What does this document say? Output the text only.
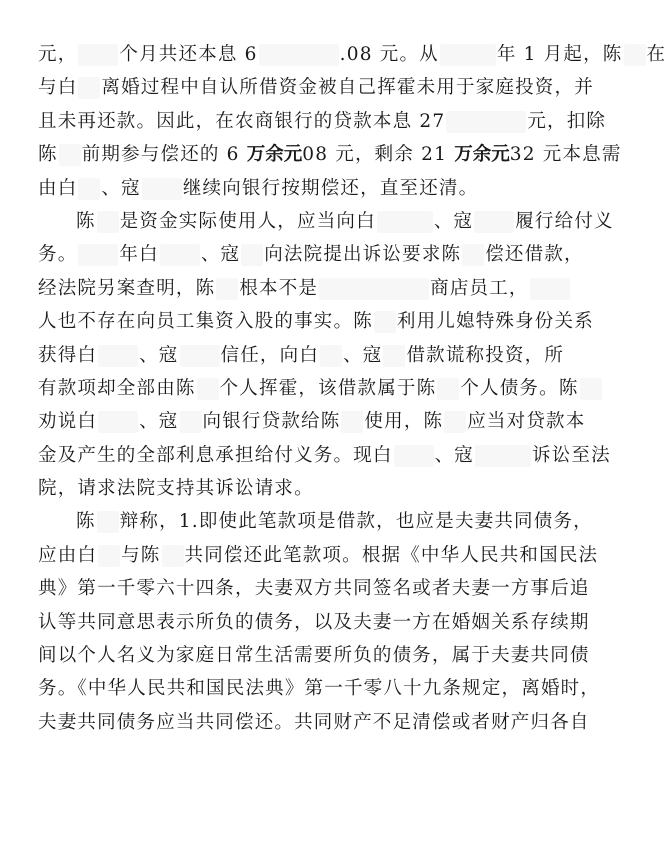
元， 个月共还本息 6	.08 元。从	年 1 月起，陈 在
与白 离婚过程中自认所借资金被自己挥霍未用于家庭投资，并
且未再还款。因此，在农商银行的贷款本息 27	元，扣除
陈 前期参与偿还的 6 万余元08 元，剩余 21 万余元32 元本息需
由白 、寇 继续向银行按期偿还，直至还清。
陈 是资金实际使用人，应当向白	、寇 履行给付义
务。 年白 、寇 向法院提出诉讼要求陈 偿还借款，
经法院另案查明，陈 根本不是	商店员工，
人也不存在向员工集资入股的事实。陈 利用儿媳特殊身份关系
获得白 、寇 信任，向白 、寇 借款谎称投资，所
有款项却全部由陈 个人挥霍，该借款属于陈 个人债务。陈
劝说白 、寇 向银行贷款给陈 使用，陈 应当对贷款本
金及产生的全部利息承担给付义务。现白 、寇	诉讼至法
院，请求法院支持其诉讼请求。
陈 辩称，1.即使此笔款项是借款，也应是夫妻共同债务，
应由白 与陈 共同偿还此笔款项。根据《中华人民共和国民法
典》第一千零六十四条，夫妻双方共同签名或者夫妻一方事后追
认等共同意思表示所负的债务，以及夫妻一方在婚姻关系存续期
间以个人名义为家庭日常生活需要所负的债务，属于夫妻共同债
务。《中华人民共和国民法典》第一千零八十九条规定，离婚时，
夫妻共同债务应当共同偿还。共同财产不足清偿或者财产归各自
